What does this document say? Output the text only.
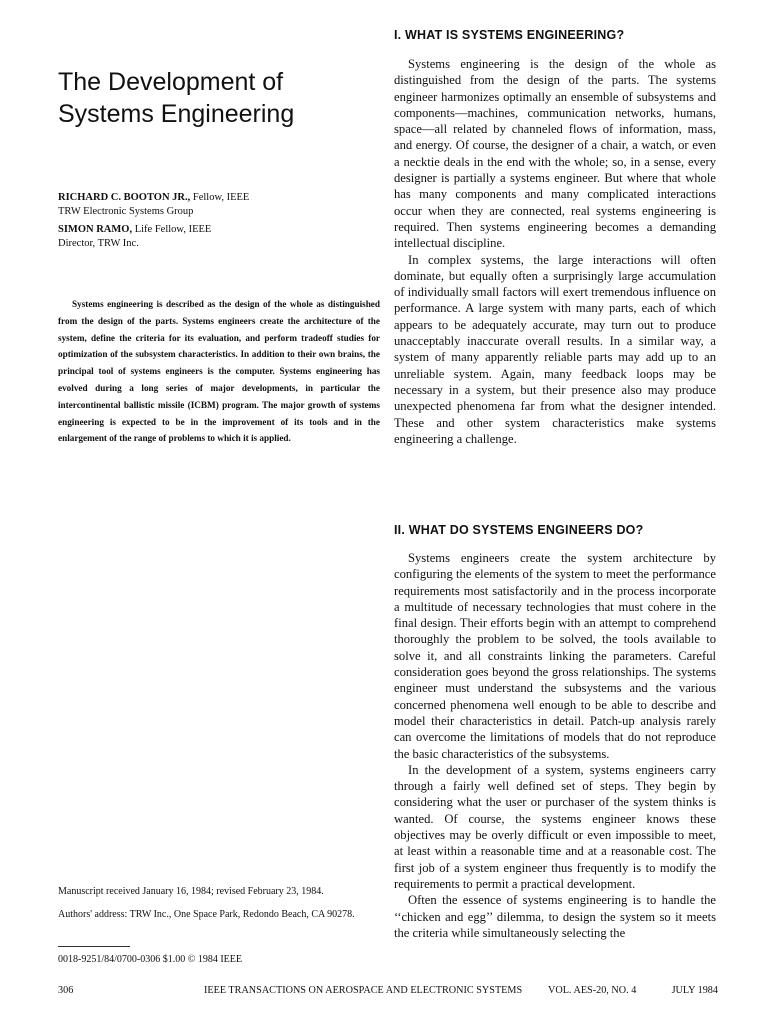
The Development of Systems Engineering
RICHARD C. BOOTON JR., Fellow, IEEE
TRW Electronic Systems Group
SIMON RAMO, Life Fellow, IEEE
Director, TRW Inc.

Systems engineering is described as the design of the whole as distinguished from the design of the parts. Systems engineers create the architecture of the system, define the criteria for its evaluation, and perform tradeoff studies for optimization of the subsystem characteristics. In addition to their own brains, the principal tool of systems engineers is the computer. Systems engineering has evolved during a long series of major developments, in particular the intercontinental ballistic missile (ICBM) program. The major growth of systems engineering is expected to be in the improvement of its tools and in the enlargement of the range of problems to which it is applied.

Manuscript received January 16, 1984; revised February 23, 1984.

Authors' address: TRW Inc., One Space Park, Redondo Beach, CA 90278.

0018-9251/84/0700-0306 $1.00 © 1984 IEEE

I. WHAT IS SYSTEMS ENGINEERING?

Systems engineering is the design of the whole as distinguished from the design of the parts. The systems engineer harmonizes optimally an ensemble of subsystems and components—machines, communication networks, humans, space—all related by channeled flows of information, mass, and energy. Of course, the designer of a chair, a watch, or even a necktie deals in the end with the whole; so, in a sense, every designer is partially a systems engineer. But where that whole has many components and many complicated interactions occur when they are connected, real systems engineering is required. Then systems engineering becomes a demanding intellectual discipline.

In complex systems, the large interactions will often dominate, but equally often a surprisingly large accumulation of individually small factors will exert tremendous influence on performance. A large system with many parts, each of which appears to be adequately accurate, may turn out to produce unacceptably inaccurate overall results. In a similar way, a system of many apparently reliable parts may add up to an unreliable system. Again, many feedback loops may be necessary in a system, but their presence also may produce unexpected phenomena far from what the designer intended. These and other system characteristics make systems engineering a challenge.

II. WHAT DO SYSTEMS ENGINEERS DO?

Systems engineers create the system architecture by configuring the elements of the system to meet the performance requirements most satisfactorily and in the process incorporate a multitude of necessary technologies that must cohere in the final design. Their efforts begin with an attempt to comprehend thoroughly the problem to be solved, the tools available to solve it, and all constraints linking the parameters. Careful consideration goes beyond the gross relationships. The systems engineer must understand the subsystems and the various concerned phenomena well enough to be able to describe and model their characteristics in detail. Patch-up analysis rarely can overcome the limitations of models that do not reproduce the basic characteristics of the subsystems.

In the development of a system, systems engineers carry through a fairly well defined set of steps. They begin by considering what the user or purchaser of the system thinks is wanted. Of course, the systems engineer knows these objectives may be overly difficult or even impossible to meet, at least within a reasonable time and at a reasonable cost. The first job of a system engineer thus frequently is to modify the requirements to permit a practical development.

Often the essence of systems engineering is to handle the ‘‘chicken and egg’’ dilemma, to design the system so it meets the criteria while simultaneously selecting the

306	IEEE TRANSACTIONS ON AEROSPACE AND ELECTRONIC SYSTEMS	VOL. AES-20, NO. 4	JULY 1984
